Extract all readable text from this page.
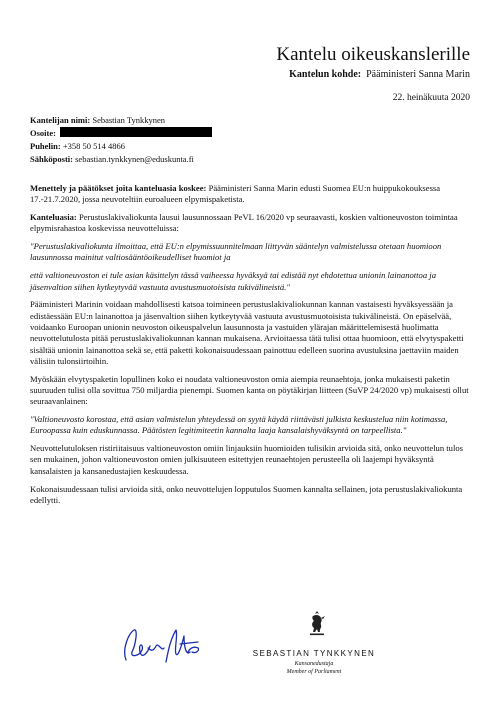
Kantelu oikeuskanslerille
Kantelun kohde: Pääministeri Sanna Marin
22. heinäkuuta 2020
Kantelijan nimi: Sebastian Tynkkynen
Osoite:
Puhelin: +358 50 514 4866
Sähköposti: sebastian.tynkkynen@eduskunta.fi

Menettely ja päätökset joita kanteluasia koskee: Pääministeri Sanna Marin edusti Suomea EU:n huippukokouksessa 17.-21.7.2020, jossa neuvoteltiin euroalueen elpymispaketista.

Kanteluasia: Perustuslakivaliokunta lausui lausunnossaan PeVL 16/2020 vp seuraavasti, koskien valtioneuvoston toimintaa elpymisrahastoa koskevissa neuvotteluissa:

"Perustuslakivaliokunta ilmoittaa, että EU:n elpymissuunnitelmaan liittyvän sääntelyn valmistelussa otetaan huomioon lausunnossa mainitut valtiosääntöoikeudelliset huomiot ja

että valtioneuvoston ei tule asian käsittelyn tässä vaiheessa hyväksyä tai edistää nyt ehdotettua unionin lainanottoa ja jäsenvaltion siihen kytkeytyvää vastuuta avustusmuotoisista tukivälineistä."

Pääministeri Marinin voidaan mahdollisesti katsoa toimineen perustuslakivaliokunnan kannan vastaisesti hyväksyessään ja edistäessään EU:n lainanottoa ja jäsenvaltion siihen kytkeytyvää vastuuta avustusmuotoisista tukivälineistä. On epäselvää, voidaanko Euroopan unionin neuvoston oikeuspalvelun lausunnosta ja vastuiden ylärajan määrittelemisestä huolimatta neuvottelutulosta pitää perustuslakivaliokunnan kannan mukaisena. Arvioitaessa tätä tulisi ottaa huomioon, että elvytyspaketti sisältää unionin lainanottoa sekä se, että paketti kokonaisuudessaan painottuu edelleen suorina avustuksina jaettaviin maiden välisiin tulonsiirtoihin.

Myöskään elvytyspaketin lopullinen koko ei noudata valtioneuvoston omia aiempia reunaehtoja, jonka mukaisesti paketin suuruuden tulisi olla sovittua 750 miljardia pienempi. Suomen kanta on pöytäkirjan liitteen (SuVP 24/2020 vp) mukaisesti ollut seuraavanlainen:

"Valtioneuvosto korostaa, että asian valmistelun yhteydessä on syytä käydä riittävästi julkista keskustelua niin kotimassa, Euroopassa kuin eduskunnassa. Päätösten legitimiteetin kannalta laaja kansalaishyväksyntä on tarpeellista."

Neuvottelutuloksen ristiriitaisuus valtioneuvoston omiin linjauksiin huomioiden tulisikin arvioida sitä, onko neuvottelun tulos sen mukainen, johon valtioneuvoston omien julkisuuteen esitettyjen reunaehtojen perusteella oli laajempi hyväksyntä kansalaisten ja kansanedustajien keskuudessa.

Kokonaisuudessaan tulisi arvioida sitä, onko neuvottelujen lopputulos Suomen kannalta sellainen, jota perustuslakivaliokunta edellytti.

SEBASTIAN TYNKKYNEN
Kansanedustaja
Member of Parliament
